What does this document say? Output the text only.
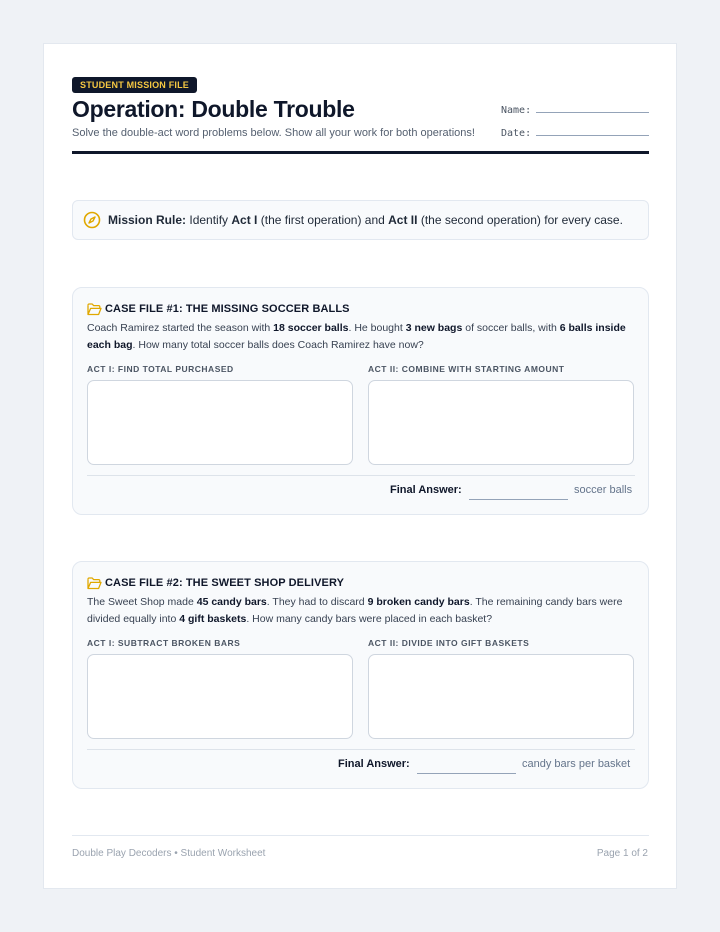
STUDENT MISSION FILE
Operation: Double Trouble
Solve the double-act word problems below. Show all your work for both operations!
Name:
Date:
Mission Rule: Identify Act I (the first operation) and Act II (the second operation) for every case.
CASE FILE #1: THE MISSING SOCCER BALLS
Coach Ramirez started the season with 18 soccer balls. He bought 3 new bags of soccer balls, with 6 balls inside each bag. How many total soccer balls does Coach Ramirez have now?
ACT I: FIND TOTAL PURCHASED	ACT II: COMBINE WITH STARTING AMOUNT
Final Answer:	soccer balls
CASE FILE #2: THE SWEET SHOP DELIVERY
The Sweet Shop made 45 candy bars. They had to discard 9 broken candy bars. The remaining candy bars were divided equally into 4 gift baskets. How many candy bars were placed in each basket?
ACT I: SUBTRACT BROKEN BARS	ACT II: DIVIDE INTO GIFT BASKETS
Final Answer:	candy bars per basket
Double Play Decoders • Student Worksheet	Page 1 of 2
